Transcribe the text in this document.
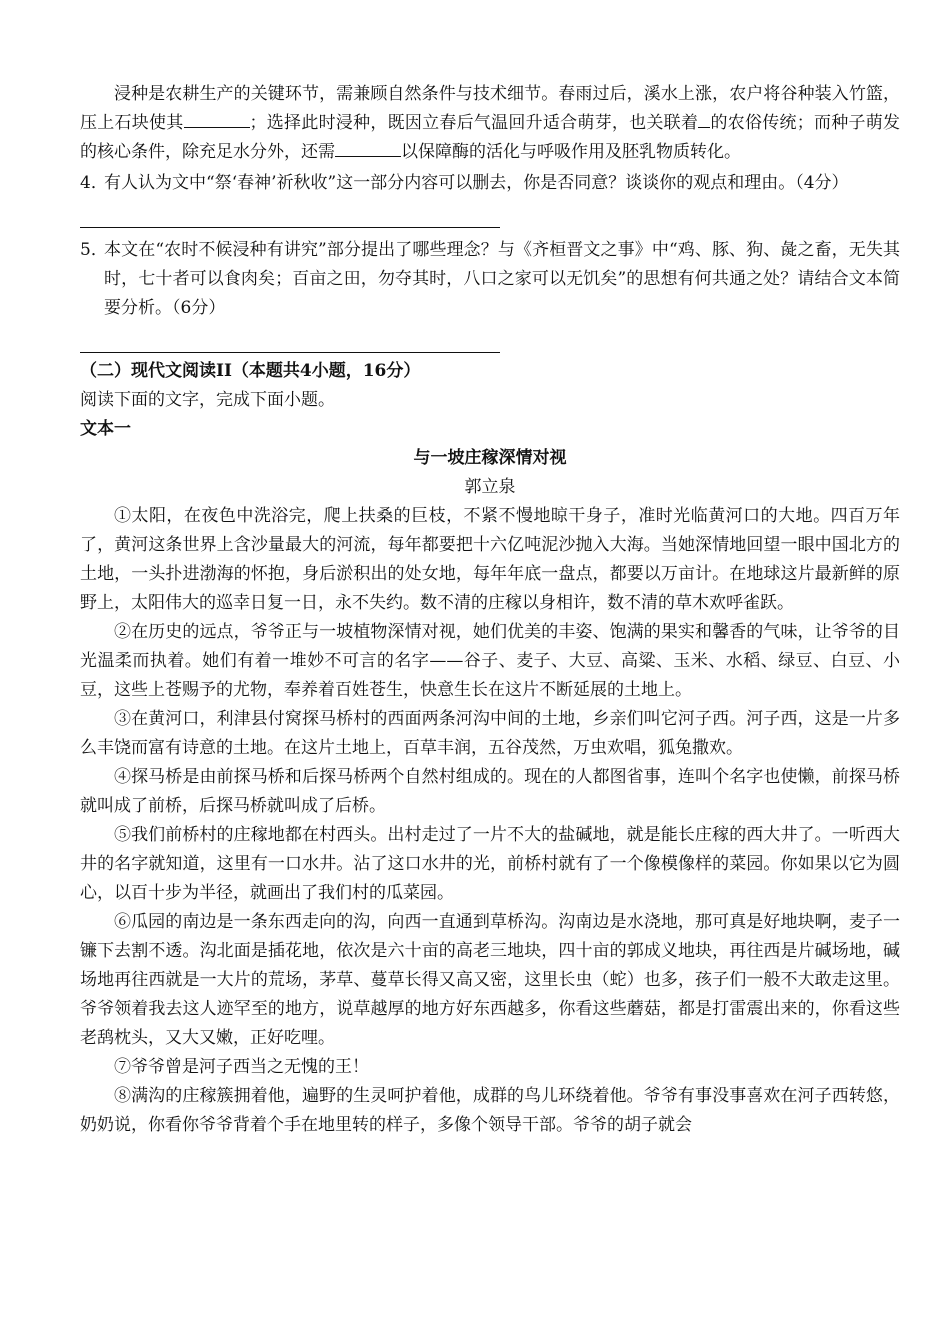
浸种是农耕生产的关键环节，需兼顾自然条件与技术细节。春雨过后，溪水上涨，农户将谷种装入竹篮，压上石块使其	；选择此时浸种，既因立春后气温回升适合萌芽，也关联着 的农俗传统；而种子萌发的核心条件，除充足水分外，还需	以保障酶的活化与呼吸作用及胚乳物质转化。

4．
有人认为文中“祭‘春神’祈秋收”这一部分内容可以删去，你是否同意？谈谈你的观点和理由。（4分）
5．
本文在“农时不候浸种有讲究”部分提出了哪些理念？与《齐桓晋文之事》中“鸡、豚、狗、彘之畜，无失其时，七十者可以食肉矣；百亩之田，勿夺其时，八口之家可以无饥矣”的思想有何共通之处？请结合文本简要分析。（6分）

（二）现代文阅读II（本题共4小题，16分）

阅读下面的文字，完成下面小题。

文本一

与一坡庄稼深情对视

郭立泉

①太阳，在夜色中洗浴完，爬上扶桑的巨枝，不紧不慢地晾干身子，准时光临黄河口的大地。四百万年了，黄河这条世界上含沙量最大的河流，每年都要把十六亿吨泥沙抛入大海。当她深情地回望一眼中国北方的土地，一头扑进渤海的怀抱，身后淤积出的处女地，每年年底一盘点，都要以万亩计。在地球这片最新鲜的原野上，太阳伟大的巡幸日复一日，永不失约。数不清的庄稼以身相许，数不清的草木欢呼雀跃。

②在历史的远点，爷爷正与一坡植物深情对视，她们优美的丰姿、饱满的果实和馨香的气味，让爷爷的目光温柔而执着。她们有着一堆妙不可言的名字——谷子、麦子、大豆、高粱、玉米、水稻、绿豆、白豆、小豆，这些上苍赐予的尤物，奉养着百姓苍生，快意生长在这片不断延展的土地上。

③在黄河口，利津县付窝探马桥村的西面两条河沟中间的土地，乡亲们叫它河子西。河子西，这是一片多么丰饶而富有诗意的土地。在这片土地上，百草丰润，五谷茂然，万虫欢唱，狐兔撒欢。

④探马桥是由前探马桥和后探马桥两个自然村组成的。现在的人都图省事，连叫个名字也使懒，前探马桥就叫成了前桥，后探马桥就叫成了后桥。

⑤我们前桥村的庄稼地都在村西头。出村走过了一片不大的盐碱地，就是能长庄稼的西大井了。一听西大井的名字就知道，这里有一口水井。沾了这口水井的光，前桥村就有了一个像模像样的菜园。你如果以它为圆心，以百十步为半径，就画出了我们村的瓜菜园。

⑥瓜园的南边是一条东西走向的沟，向西一直通到草桥沟。沟南边是水浇地，那可真是好地块啊，麦子一镰下去割不透。沟北面是插花地，依次是六十亩的高老三地块，四十亩的郭成义地块，再往西是片碱场地，碱场地再往西就是一大片的荒场，茅草、蔓草长得又高又密，这里长虫（蛇）也多，孩子们一般不大敢走这里。爷爷领着我去这人迹罕至的地方，说草越厚的地方好东西越多，你看这些蘑菇，都是打雷震出来的，你看这些老鸹枕头，又大又嫩，正好吃哩。

⑦爷爷曾是河子西当之无愧的王！

⑧满沟的庄稼簇拥着他，遍野的生灵呵护着他，成群的鸟儿环绕着他。爷爷有事没事喜欢在河子西转悠，奶奶说，你看你爷爷背着个手在地里转的样子，多像个领导干部。爷爷的胡子就会
